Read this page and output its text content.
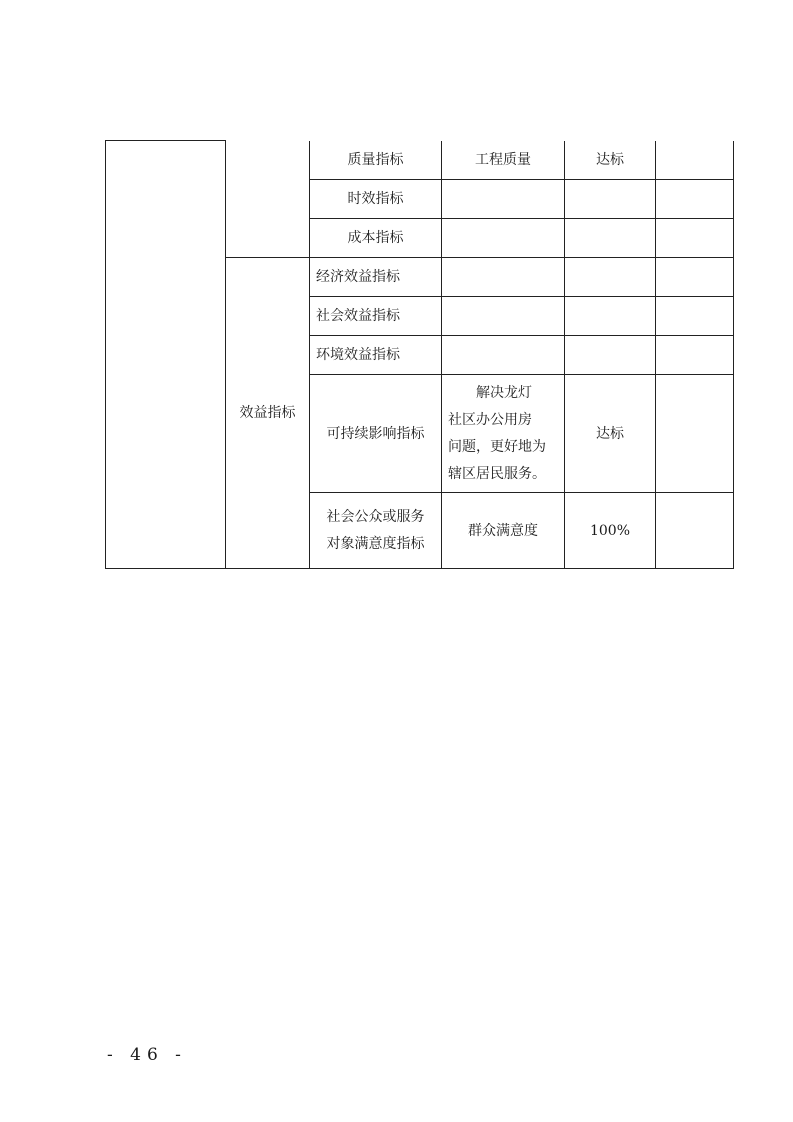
		质量指标	工程质量	达标	
		时效指标			
		成本指标			
	效益指标	经济效益指标			
		社会效益指标			
		环境效益指标			
		可持续影响指标	解决龙灯
社区办公用房
问题，更好地为
辖区居民服务。	达标	

		社会公众或服务
对象满意度指标	群众满意度	100%	
- 46 -
